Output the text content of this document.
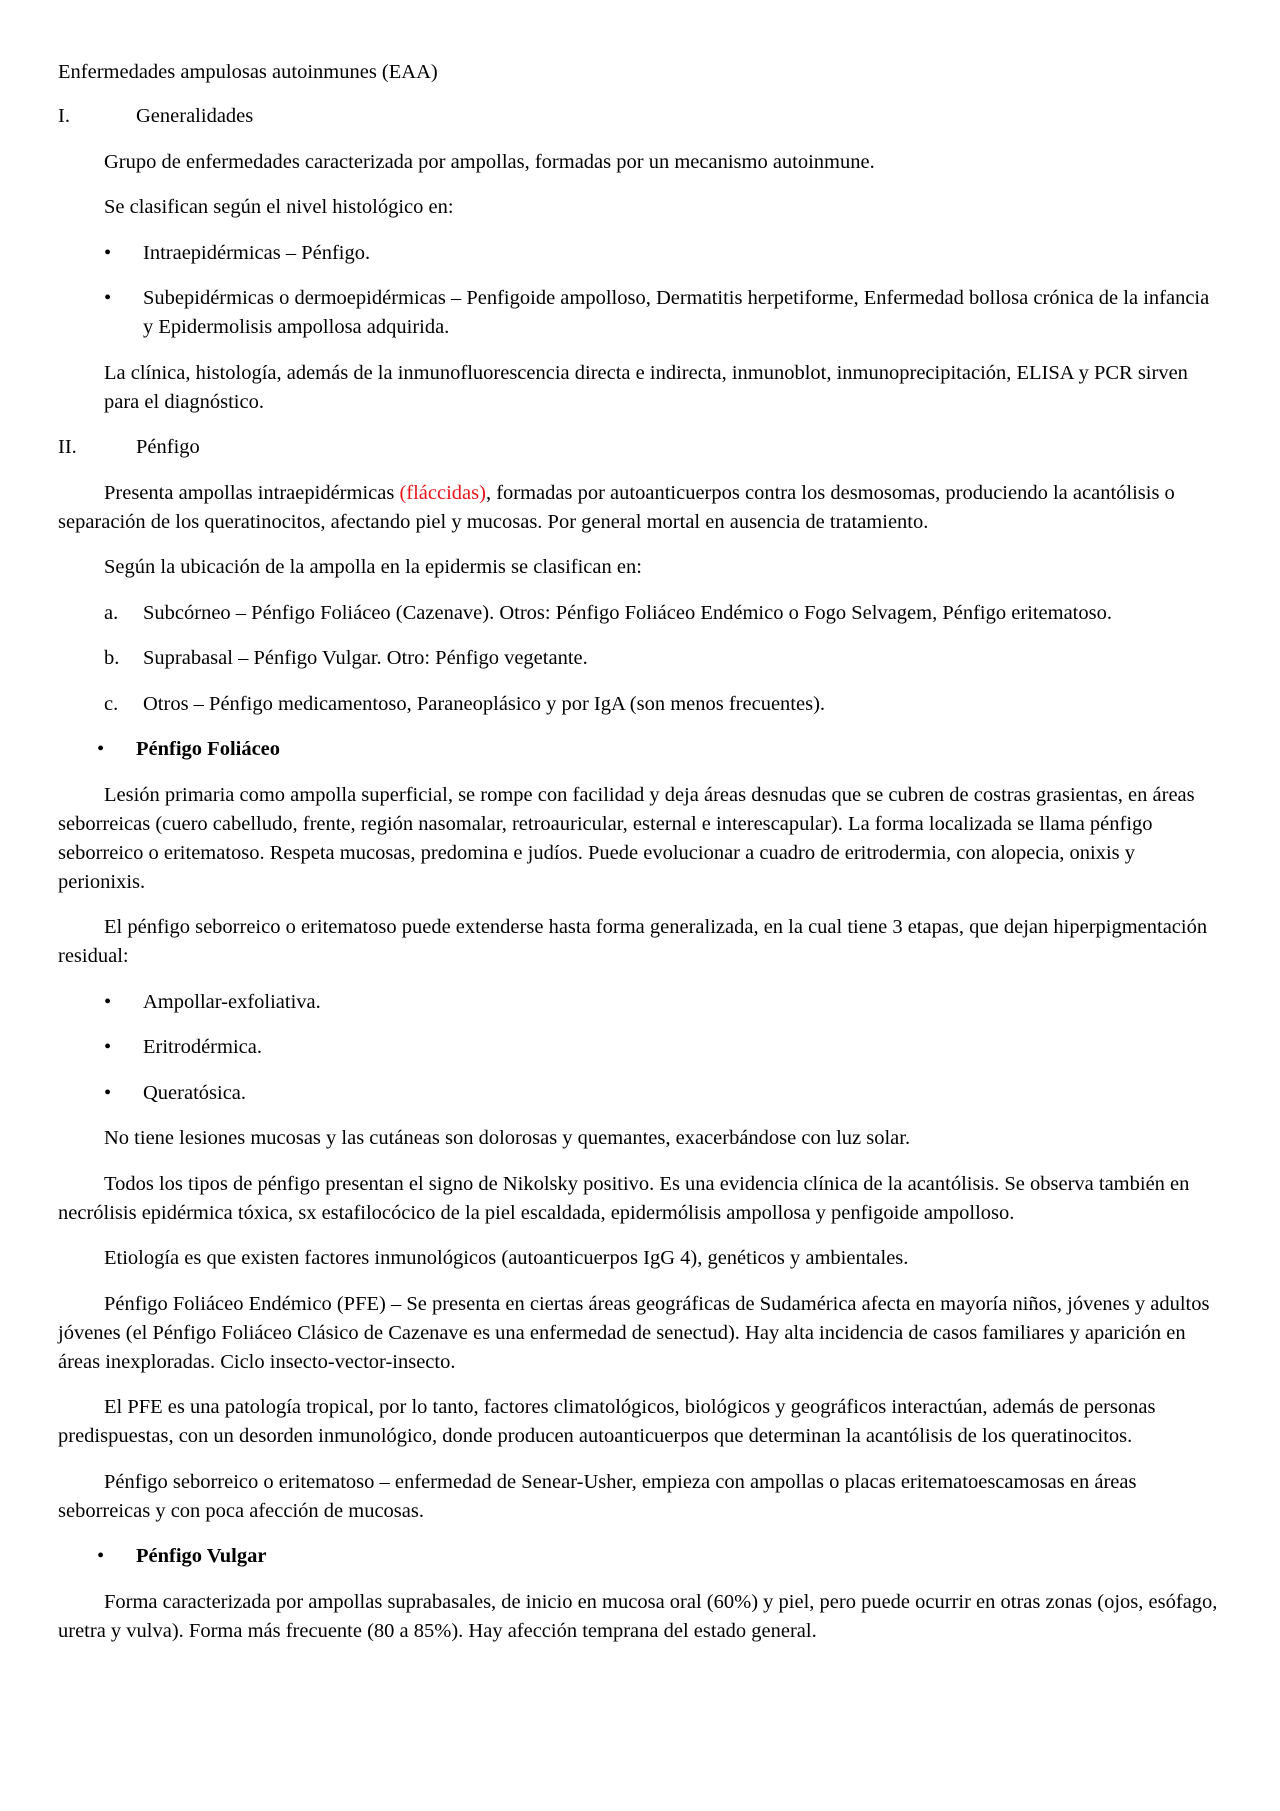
Enfermedades ampulosas autoinmunes (EAA)

I.	Generalidades

Grupo de enfermedades caracterizada por ampollas, formadas por un mecanismo autoinmune.

Se clasifican según el nivel histológico en:

•	Intraepidérmicas – Pénfigo.
•	Subepidérmicas o dermoepidérmicas – Penfigoide ampolloso, Dermatitis herpetiforme, Enfermedad bollosa crónica de la infancia y Epidermolisis ampollosa adquirida.

La clínica, histología, además de la inmunofluorescencia directa e indirecta, inmunoblot, inmunoprecipitación, ELISA y PCR sirven para el diagnóstico.

II.	Pénfigo

Presenta ampollas intraepidérmicas (fláccidas), formadas por autoanticuerpos contra los desmosomas, produciendo la acantólisis o separación de los queratinocitos, afectando piel y mucosas. Por general mortal en ausencia de tratamiento.

Según la ubicación de la ampolla en la epidermis se clasifican en:

a.	Subcórneo – Pénfigo Foliáceo (Cazenave). Otros: Pénfigo Foliáceo Endémico o Fogo Selvagem, Pénfigo eritematoso.
b.	Suprabasal – Pénfigo Vulgar. Otro: Pénfigo vegetante.
c.	Otros – Pénfigo medicamentoso, Paraneoplásico y por IgA (son menos frecuentes).
•	Pénfigo Foliáceo

Lesión primaria como ampolla superficial, se rompe con facilidad y deja áreas desnudas que se cubren de costras grasientas, en áreas seborreicas (cuero cabelludo, frente, región nasomalar, retroauricular, esternal e interescapular). La forma localizada se llama pénfigo seborreico o eritematoso. Respeta mucosas, predomina e judíos. Puede evolucionar a cuadro de eritrodermia, con alopecia, onixis y perionixis.

El pénfigo seborreico o eritematoso puede extenderse hasta forma generalizada, en la cual tiene 3 etapas, que dejan hiperpigmentación residual:

•	Ampollar-exfoliativa.
•	Eritrodérmica.
•	Queratósica.

No tiene lesiones mucosas y las cutáneas son dolorosas y quemantes, exacerbándose con luz solar.

Todos los tipos de pénfigo presentan el signo de Nikolsky positivo. Es una evidencia clínica de la acantólisis. Se observa también en necrólisis epidérmica tóxica, sx estafilocócico de la piel escaldada, epidermólisis ampollosa y penfigoide ampolloso.

Etiología es que existen factores inmunológicos (autoanticuerpos IgG 4), genéticos y ambientales.

Pénfigo Foliáceo Endémico (PFE) – Se presenta en ciertas áreas geográficas de Sudamérica afecta en mayoría niños, jóvenes y adultos jóvenes (el Pénfigo Foliáceo Clásico de Cazenave es una enfermedad de senectud). Hay alta incidencia de casos familiares y aparición en áreas inexploradas. Ciclo insecto-vector-insecto.

El PFE es una patología tropical, por lo tanto, factores climatológicos, biológicos y geográficos interactúan, además de personas predispuestas, con un desorden inmunológico, donde producen autoanticuerpos que determinan la acantólisis de los queratinocitos.

Pénfigo seborreico o eritematoso – enfermedad de Senear-Usher, empieza con ampollas o placas eritematoescamosas en áreas seborreicas y con poca afección de mucosas.

•	Pénfigo Vulgar

Forma caracterizada por ampollas suprabasales, de inicio en mucosa oral (60%) y piel, pero puede ocurrir en otras zonas (ojos, esófago, uretra y vulva). Forma más frecuente (80 a 85%). Hay afección temprana del estado general.
